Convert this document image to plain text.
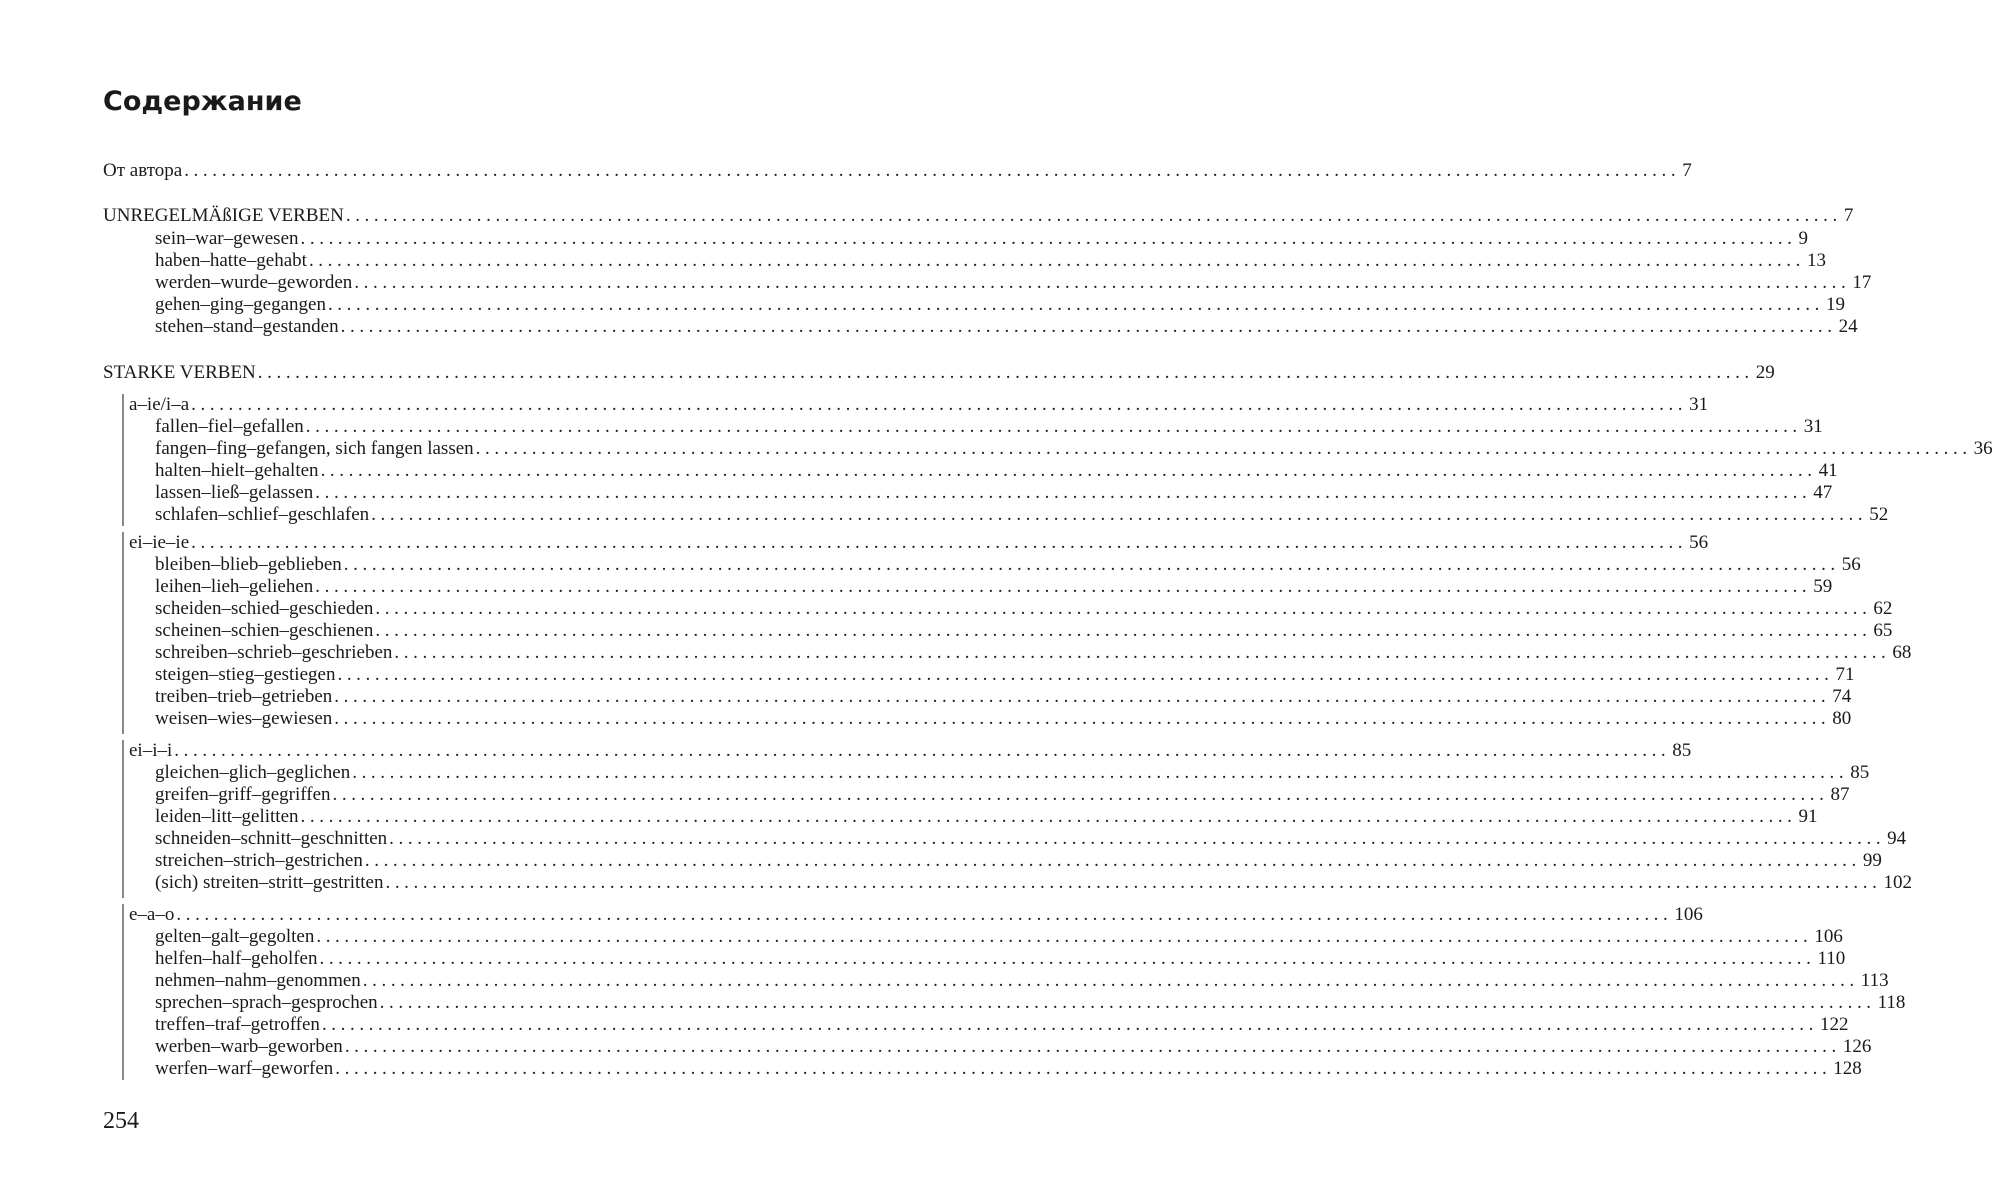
Содержание
От автора ................................................................................................................................................................ 7
UNREGELMÄßIGE VERBEN ................................................................................................................................................................ 7
sein–war–gewesen ................................................................................................................................................................ 9
haben–hatte–gehabt ................................................................................................................................................................ 13
werden–wurde–geworden ................................................................................................................................................................ 17
gehen–ging–gegangen ................................................................................................................................................................ 19
stehen–stand–gestanden ................................................................................................................................................................ 24
STARKE VERBEN ................................................................................................................................................................ 29
a–ie/i–a ................................................................................................................................................................ 31
fallen–fiel–gefallen ................................................................................................................................................................ 31
fangen–fing–gefangen, sich fangen lassen ................................................................................................................................................................ 36
halten–hielt–gehalten ................................................................................................................................................................ 41
lassen–ließ–gelassen ................................................................................................................................................................ 47
schlafen–schlief–geschlafen ................................................................................................................................................................ 52
ei–ie–ie ................................................................................................................................................................ 56
bleiben–blieb–geblieben ................................................................................................................................................................ 56
leihen–lieh–geliehen ................................................................................................................................................................ 59
scheiden–schied–geschieden ................................................................................................................................................................ 62
scheinen–schien–geschienen ................................................................................................................................................................ 65
schreiben–schrieb–geschrieben ................................................................................................................................................................ 68
steigen–stieg–gestiegen ................................................................................................................................................................ 71
treiben–trieb–getrieben ................................................................................................................................................................ 74
weisen–wies–gewiesen ................................................................................................................................................................ 80
ei–i–i ................................................................................................................................................................ 85
gleichen–glich–geglichen ................................................................................................................................................................ 85
greifen–griff–gegriffen ................................................................................................................................................................ 87
leiden–litt–gelitten ................................................................................................................................................................ 91
schneiden–schnitt–geschnitten ................................................................................................................................................................ 94
streichen–strich–gestrichen ................................................................................................................................................................ 99
(sich) streiten–stritt–gestritten ................................................................................................................................................................ 102
e–a–o ................................................................................................................................................................ 106
gelten–galt–gegolten ................................................................................................................................................................ 106
helfen–half–geholfen ................................................................................................................................................................ 110
nehmen–nahm–genommen ................................................................................................................................................................ 113
sprechen–sprach–gesprochen ................................................................................................................................................................ 118
treffen–traf–getroffen ................................................................................................................................................................ 122
werben–warb–geworben ................................................................................................................................................................ 126
werfen–warf–geworfen ................................................................................................................................................................ 128
254
